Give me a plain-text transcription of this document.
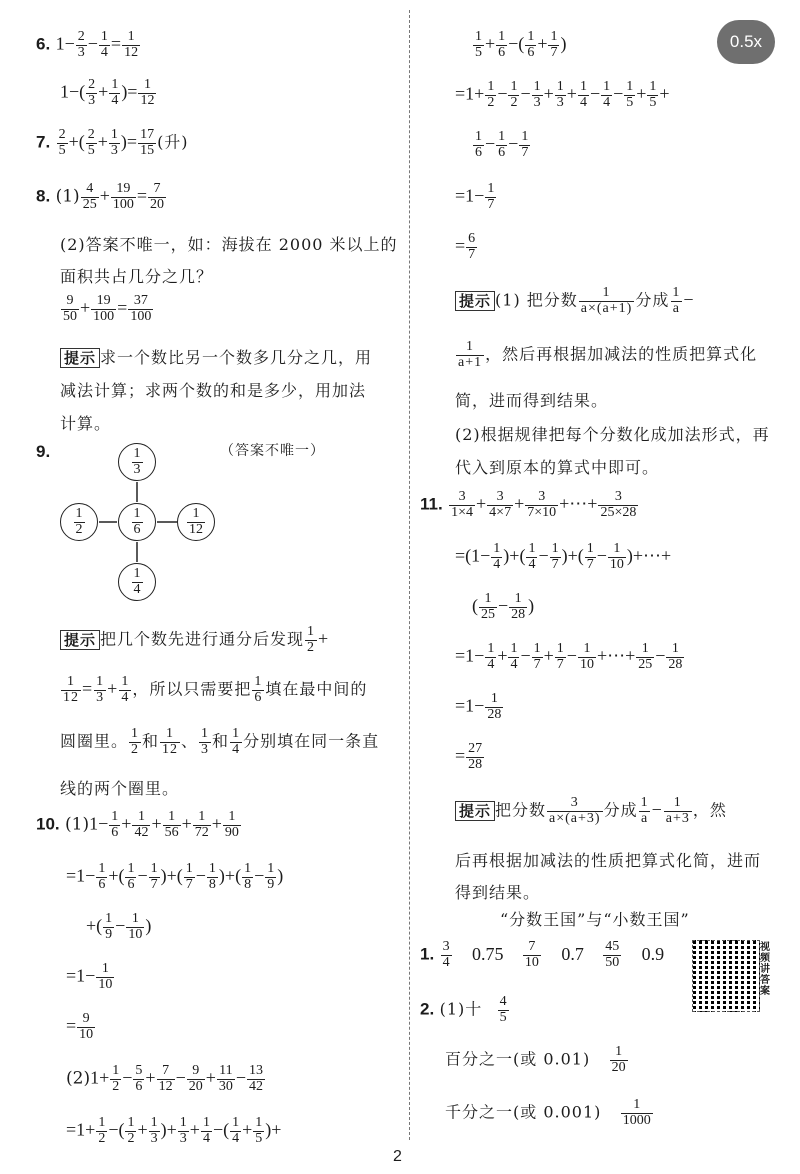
0.5x
6. $1- \frac{2}{3} - \frac{1}{4} = \frac{1}{12}$
$1-( \frac{2}{3} + \frac{1}{4}$ )= $\frac{1}{12}$
7. $\frac{2}{5}$ +( $\frac{2}{5} + \frac{1}{3}$ )= $\frac{17}{15}$ (升)
8. $(1) \frac{4}{25} + \frac{19}{100} = \frac{7}{20}$
(2)答案不唯一，如：海拔在 2000 米以上的
面积共占几分之几？
$\frac{9}{50} + \frac{19}{100} = \frac{37}{100}$
提示 求一个数比另一个数多几分之几，用
减法计算；求两个数的和是多少，用加法
计算。
9.	（答案不唯一）
$\frac{1}{3}$
$\frac{1}{2}$	$\frac{1}{6}$	$\frac{1}{12}$
$\frac{1}{4}$
提示 把几个数先进行通分后发现 $\frac{1}{2}$ +
$\frac{1}{12} = \frac{1}{3} + \frac{1}{4}$ ，所以只需要把 $\frac{1}{6}$ 填在最中间的
圆圈里。 $\frac{1}{2}$ 和 $\frac{1}{12}$ 、 $\frac{1}{3}$ 和 $\frac{1}{4}$ 分别填在同一条直
线的两个圈里。
10. $(1)1- \frac{1}{6} + \frac{1}{42} + \frac{1}{56} + \frac{1}{72} + \frac{1}{90}$
$=1- \frac{1}{6}$ +( $\frac{1}{6} - \frac{1}{7}$ )+( $\frac{1}{7} - \frac{1}{8}$ )+( $\frac{1}{8} - \frac{1}{9}$ )
+( $\frac{1}{9} - \frac{1}{10}$ )
$=1- \frac{1}{10}$
= $\frac{9}{10}$
$(2)1+ \frac{1}{2} - \frac{5}{6} + \frac{7}{12} - \frac{9}{20} + \frac{11}{30} - \frac{13}{42}$
$=1+ \frac{1}{2}$ −( $\frac{1}{2} + \frac{1}{3}$ )+ $\frac{1}{3} + \frac{1}{4}$ −( $\frac{1}{4} + \frac{1}{5}$ )+
$\frac{1}{5} + \frac{1}{6}$ −( $\frac{1}{6} + \frac{1}{7}$ )
$=1+ \frac{1}{2} - \frac{1}{2} - \frac{1}{3} + \frac{1}{3} + \frac{1}{4} - \frac{1}{4} - \frac{1}{5} + \frac{1}{5}$ +
$\frac{1}{6} - \frac{1}{6} - \frac{1}{7}$
$=1- \frac{1}{7}$
= $\frac{6}{7}$
提示 (1) 把分数 $\frac{1}{a\times(a+1)}$ 分成 $\frac{1}{a}$ −
$\frac{1}{a+1}$ ，然后再根据加减法的性质把算式化
简，进而得到结果。
(2)根据规律把每个分数化成加法形式，再
代入到原本的算式中即可。
11. $\frac{3}{1\times 4} + \frac{3}{4\times 7} + \frac{3}{7\times 10}$ +⋯+ $\frac{3}{25\times 28}$
$=(1- \frac{1}{4}$ )+( $\frac{1}{4} - \frac{1}{7}$ )+( $\frac{1}{7} - \frac{1}{10}$ )+⋯+
( $\frac{1}{25} - \frac{1}{28}$ )
$=1- \frac{1}{4} + \frac{1}{4} - \frac{1}{7} + \frac{1}{7} - \frac{1}{10}$ +⋯+ $\frac{1}{25} - \frac{1}{28}$
$=1- \frac{1}{28}$
= $\frac{27}{28}$
提示 把分数 $\frac{3}{a\times(a+3)}$ 分成 $\frac{1}{a} - \frac{1}{a+3}$ ，然
后再根据加减法的性质把算式化简，进而
得到结果。
“分数王国”与“小数王国”
1. $\frac{3}{4} 0.75 \frac{7}{10} 0.7 \frac{45}{50} 0.9$	视频讲答案
2. (1)十 $\frac{4}{5}$
百分之一(或 $0.01) \frac{1}{20}$
千分之一(或 $0.001) \frac{1}{1000}$
2
